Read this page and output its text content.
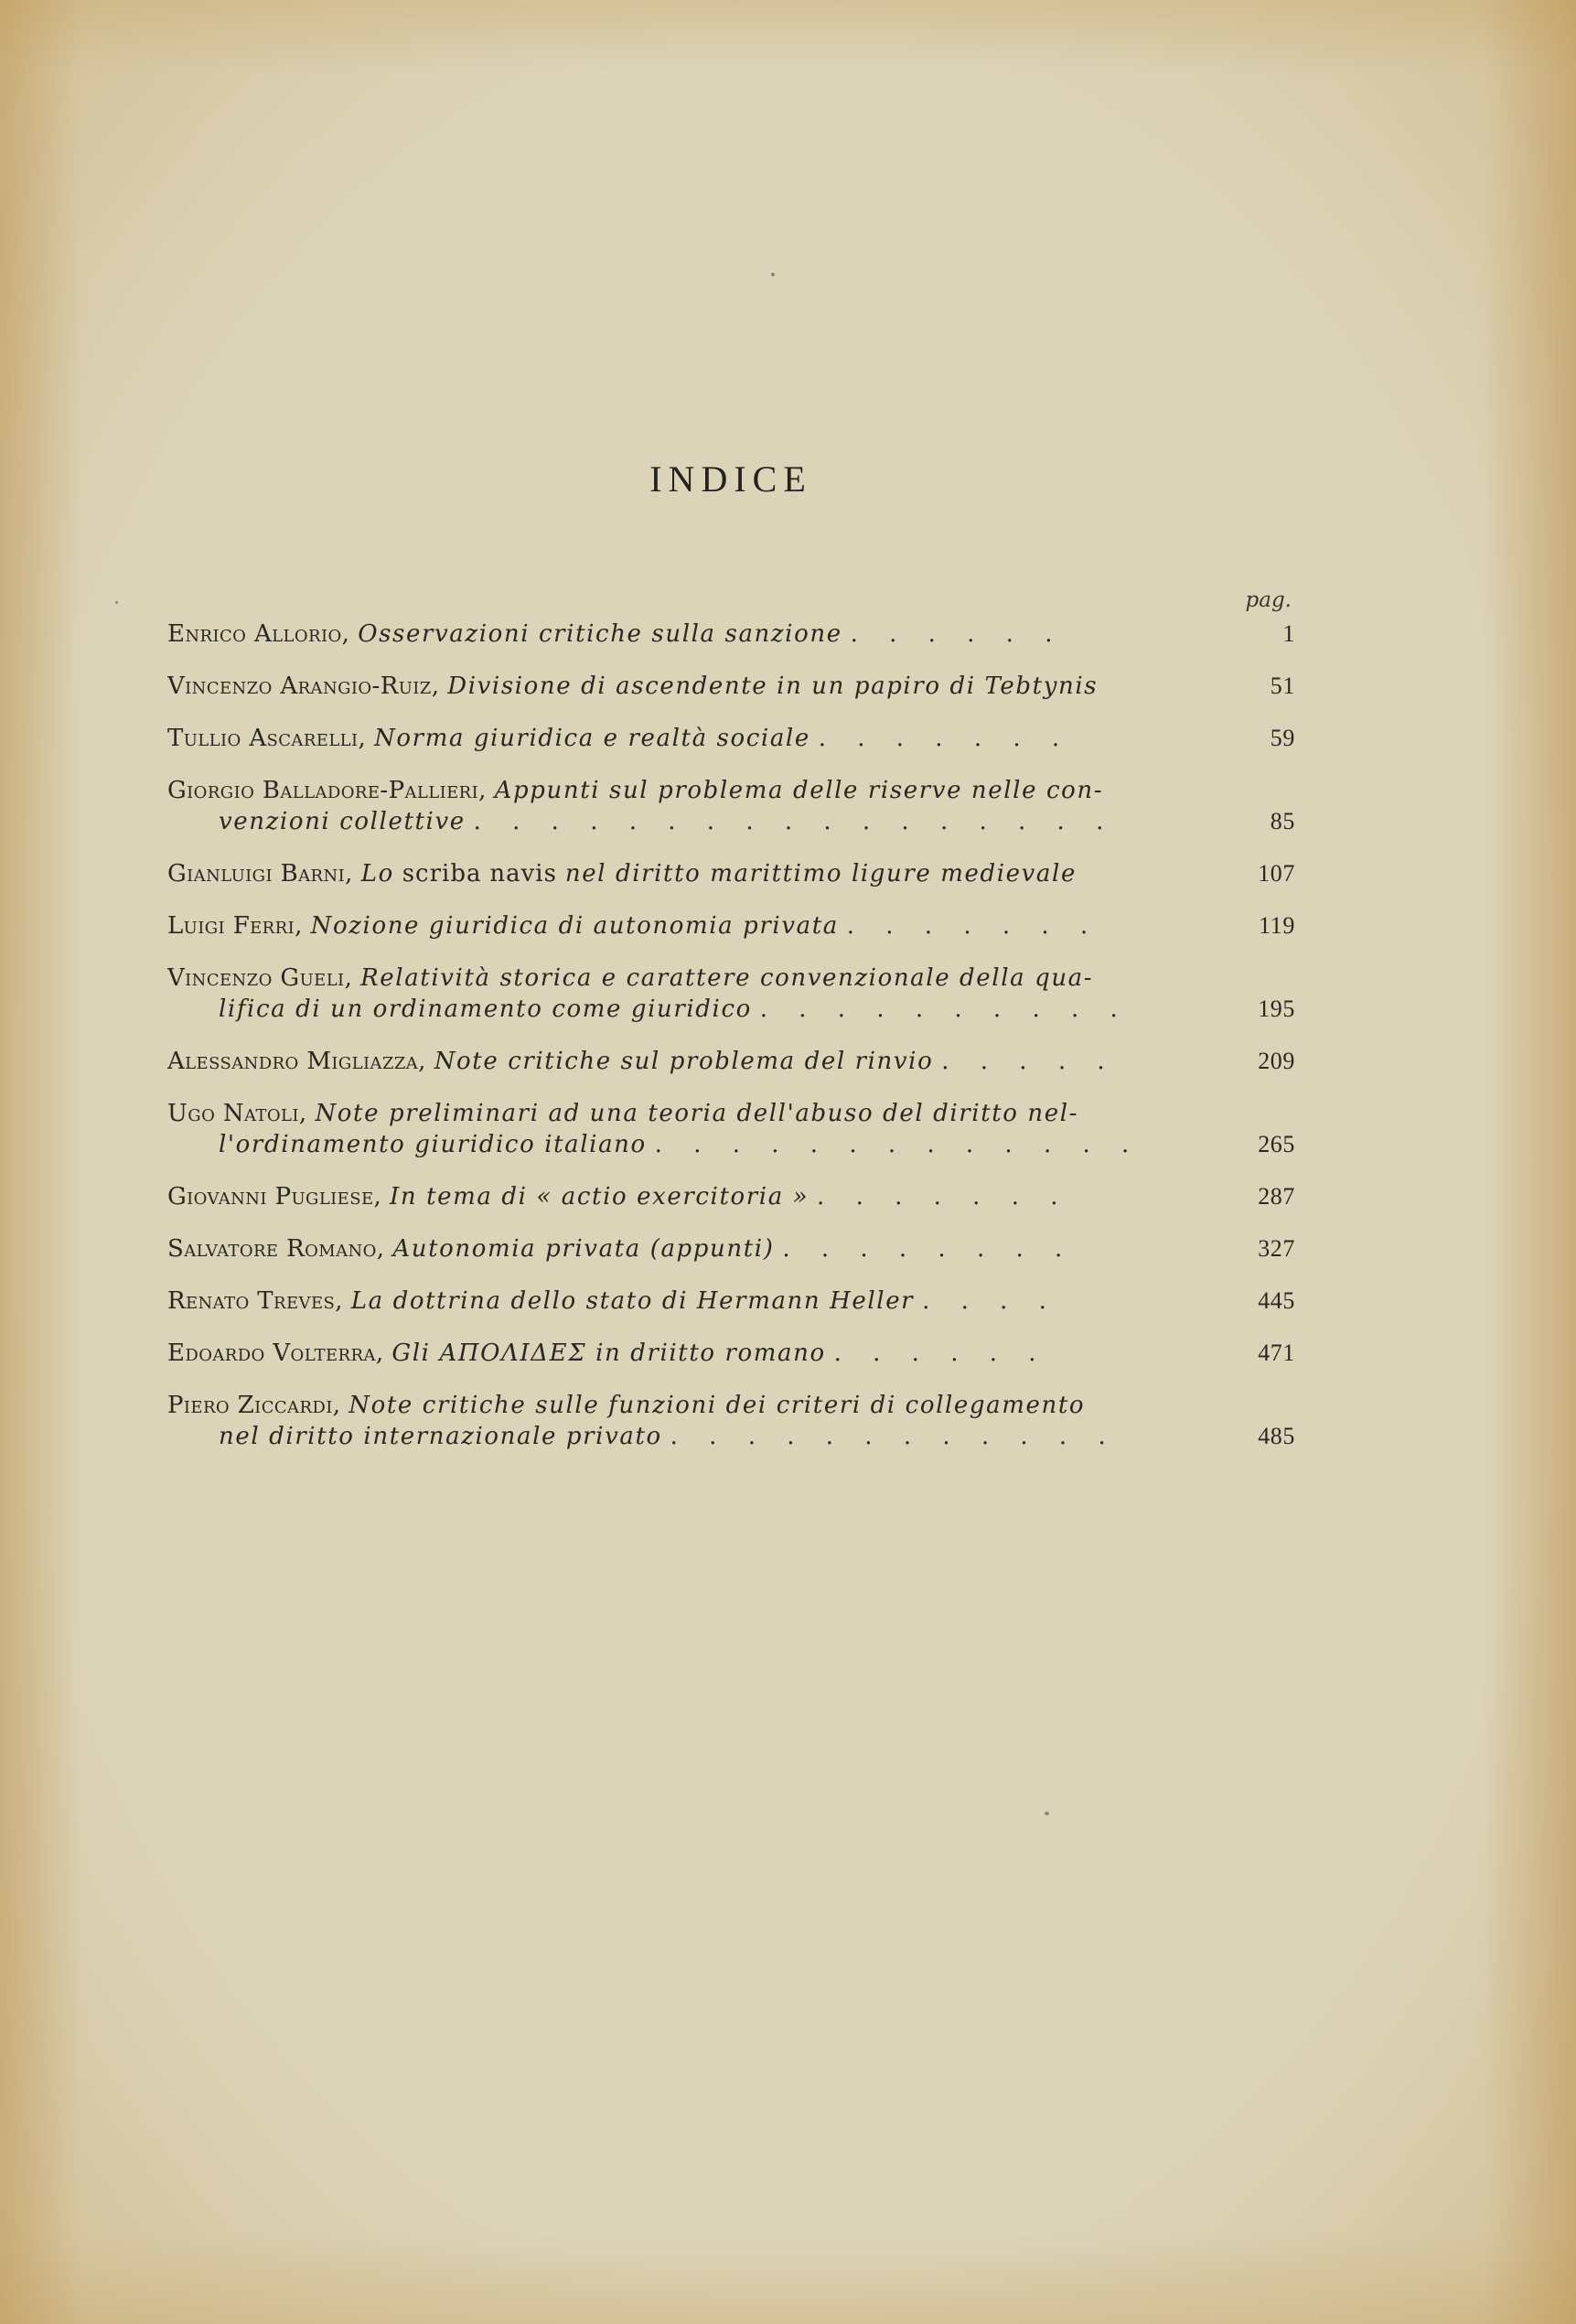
INDICE
pag.
Enrico Allorio, Osservazioni critiche sulla sanzione . . . . . .	1
Vincenzo Arangio-Ruiz, Divisione di ascendente in un papiro di Tebtynis	51
Tullio Ascarelli, Norma giuridica e realtà sociale . . . . . . .	59
Giorgio Balladore-Pallieri, Appunti sul problema delle riserve nelle con-
venzioni collettive . . . . . . . . . . . . . . . . .	85
Gianluigi Barni, Lo scriba navis nel diritto marittimo ligure medievale	107
Luigi Ferri, Nozione giuridica di autonomia privata . . . . . . .	119
Vincenzo Gueli, Relatività storica e carattere convenzionale della qua-
lifica di un ordinamento come giuridico . . . . . . . . . .	195
Alessandro Migliazza, Note critiche sul problema del rinvio . . . . .	209
Ugo Natoli, Note preliminari ad una teoria dell'abuso del diritto nel-
l'ordinamento giuridico italiano . . . . . . . . . . . . .	265
Giovanni Pugliese, In tema di « actio exercitoria » . . . . . . .	287
Salvatore Romano, Autonomia privata (appunti) . . . . . . . .	327
Renato Treves, La dottrina dello stato di Hermann Heller . . . .	445
Edoardo Volterra, Gli ΑΠΟΛΙΔΕΣ in driitto romano . . . . . .	471
Piero Ziccardi, Note critiche sulle funzioni dei criteri di collegamento
nel diritto internazionale privato . . . . . . . . . . . .	485
